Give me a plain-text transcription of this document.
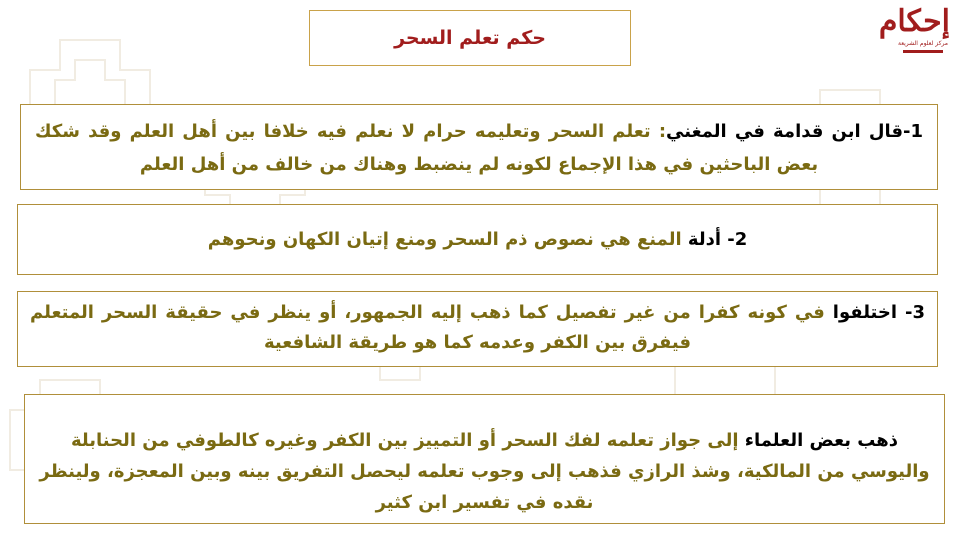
إحكام
مركز لعلوم الشريعة
حكم تعلم السحر
1-قال ابن قدامة في المغني: تعلم السحر وتعليمه حرام لا نعلم فيه خلافا بين أهل العلم وقد شكك بعض الباحثين في هذا الإجماع لكونه لم ينضبط وهناك من خالف من أهل العلم
2- أدلة المنع هي نصوص ذم السحر ومنع إتيان الكهان ونحوهم
3- اختلفوا في كونه كفرا من غير تفصيل كما ذهب إليه الجمهور، أو ينظر في حقيقة السحر المتعلم فيفرق بين الكفر وعدمه كما هو طريقة الشافعية
ذهب بعض العلماء إلى جواز تعلمه لفك السحر أو التمييز بين الكفر وغيره كالطوفي من الحنابلة واليوسي من المالكية، وشذ الرازي فذهب إلى وجوب تعلمه ليحصل التفريق بينه وبين المعجزة، ولينظر نقده في تفسير ابن كثير
